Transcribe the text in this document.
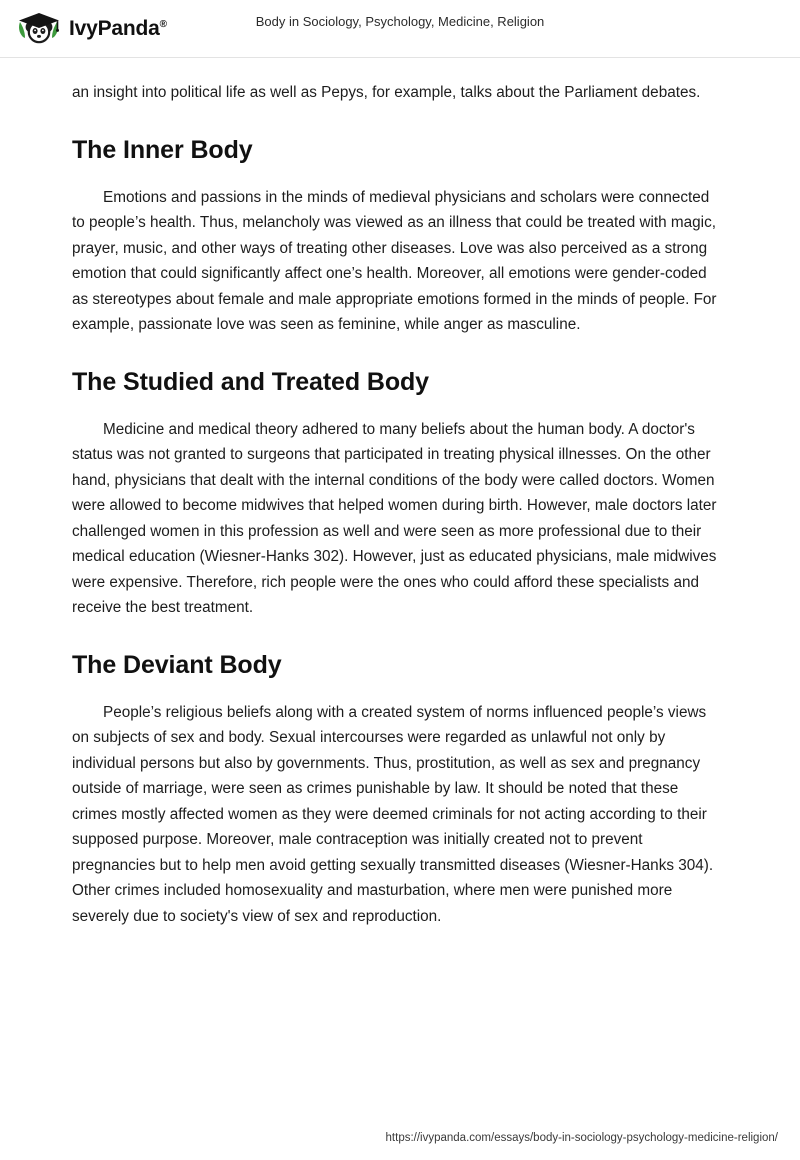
IvyPanda®	Body in Sociology, Psychology, Medicine, Religion

an insight into political life as well as Pepys, for example, talks about the Parliament debates.

The Inner Body

Emotions and passions in the minds of medieval physicians and scholars were connected to people’s health. Thus, melancholy was viewed as an illness that could be treated with magic, prayer, music, and other ways of treating other diseases. Love was also perceived as a strong emotion that could significantly affect one’s health. Moreover, all emotions were gender-coded as stereotypes about female and male appropriate emotions formed in the minds of people. For example, passionate love was seen as feminine, while anger as masculine.

The Studied and Treated Body

Medicine and medical theory adhered to many beliefs about the human body. A doctor's status was not granted to surgeons that participated in treating physical illnesses. On the other hand, physicians that dealt with the internal conditions of the body were called doctors. Women were allowed to become midwives that helped women during birth. However, male doctors later challenged women in this profession as well and were seen as more professional due to their medical education (Wiesner-Hanks 302). However, just as educated physicians, male midwives were expensive. Therefore, rich people were the ones who could afford these specialists and receive the best treatment.

The Deviant Body

People’s religious beliefs along with a created system of norms influenced people’s views on subjects of sex and body. Sexual intercourses were regarded as unlawful not only by individual persons but also by governments. Thus, prostitution, as well as sex and pregnancy outside of marriage, were seen as crimes punishable by law. It should be noted that these crimes mostly affected women as they were deemed criminals for not acting according to their supposed purpose. Moreover, male contraception was initially created not to prevent pregnancies but to help men avoid getting sexually transmitted diseases (Wiesner-Hanks 304). Other crimes included homosexuality and masturbation, where men were punished more severely due to society's view of sex and reproduction.

https://ivypanda.com/essays/body-in-sociology-psychology-medicine-religion/
